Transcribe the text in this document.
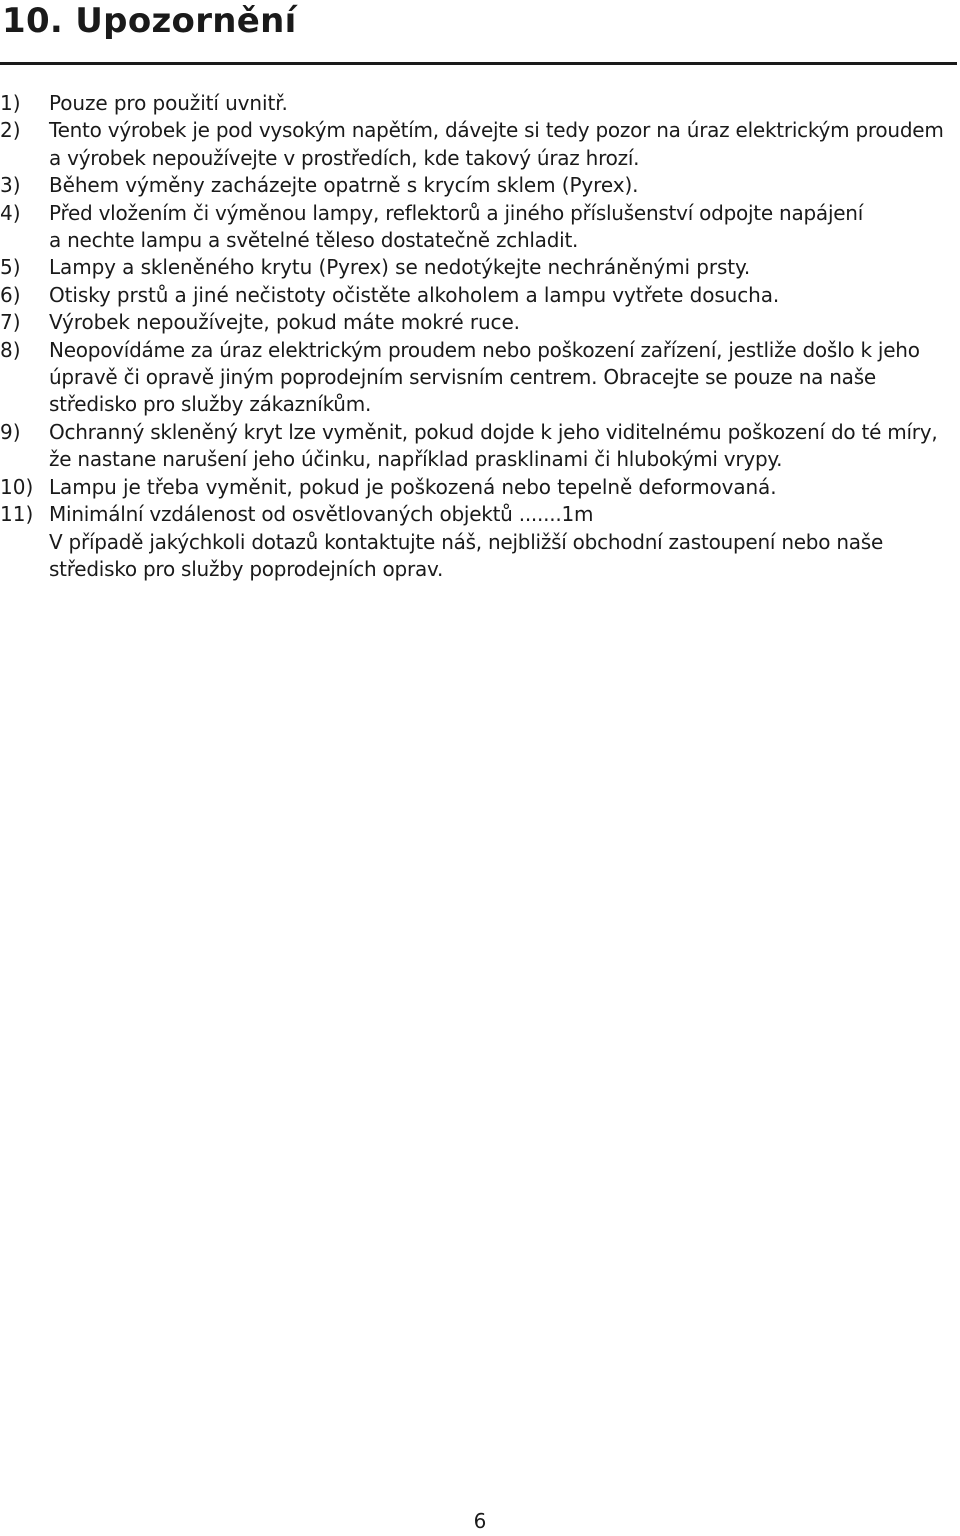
10. Upozornění
1)	Pouze pro použití uvnitř.
2)	Tento výrobek je pod vysokým napětím, dávejte si tedy pozor na úraz elektrickým proudem
a výrobek nepoužívejte v prostředích, kde takový úraz hrozí.
3)	Během výměny zacházejte opatrně s krycím sklem (Pyrex).
4)	Před vložením či výměnou lampy, reflektorů a jiného příslušenství odpojte napájení
a nechte lampu a světelné těleso dostatečně zchladit.
5)	Lampy a skleněného krytu (Pyrex) se nedotýkejte nechráněnými prsty.
6)	Otisky prstů a jiné nečistoty očistěte alkoholem a lampu vytřete dosucha.
7)	Výrobek nepoužívejte, pokud máte mokré ruce.
8)	Neopovídáme za úraz elektrickým proudem nebo poškození zařízení, jestliže došlo k jeho
úpravě či opravě jiným poprodejním servisním centrem. Obracejte se pouze na naše
středisko pro služby zákazníkům.
9)	Ochranný skleněný kryt lze vyměnit, pokud dojde k jeho viditelnému poškození do té míry,
že nastane narušení jeho účinku, například prasklinami či hlubokými vrypy.
10) Lampu je třeba vyměnit, pokud je poškozená nebo tepelně deformovaná.
11) Minimální vzdálenost od osvětlovaných objektů .......1m
V případě jakýchkoli dotazů kontaktujte náš, nejbližší obchodní zastoupení nebo naše
středisko pro služby poprodejních oprav.
6
